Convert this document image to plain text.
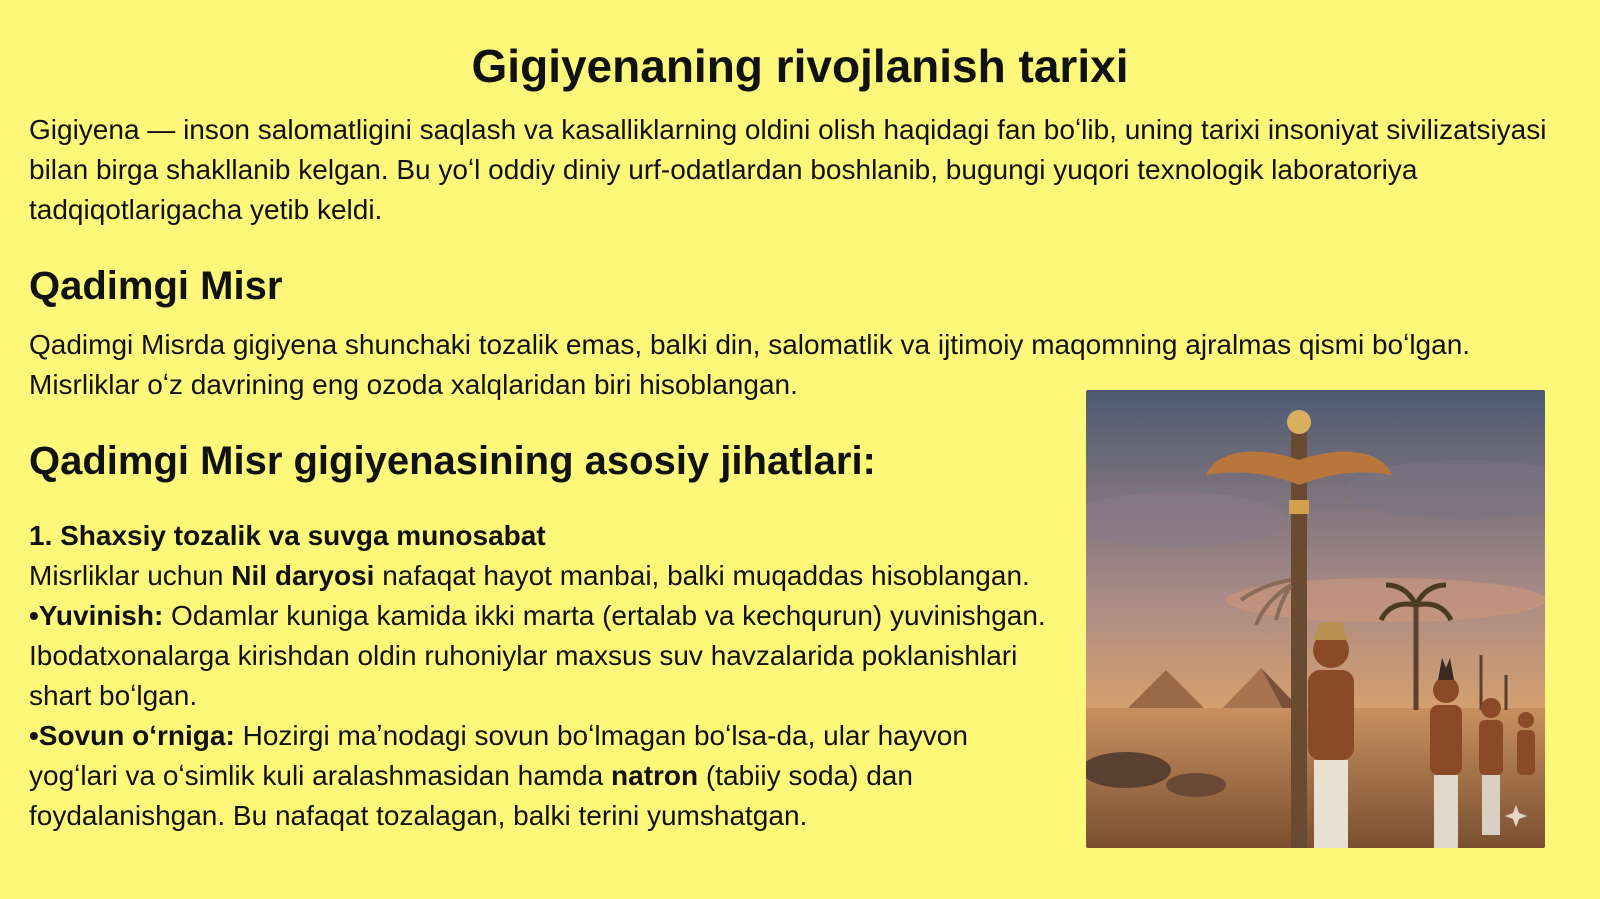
Gigiyenaning rivojlanish tarixi
Gigiyena — inson salomatligini saqlash va kasalliklarning oldini olish haqidagi fan boʻlib, uning tarixi insoniyat sivilizatsiyasi bilan birga shakllanib kelgan. Bu yoʻl oddiy diniy urf-odatlardan boshlanib, bugungi yuqori texnologik laboratoriya tadqiqotlarigacha yetib keldi.
Qadimgi Misr
Qadimgi Misrda gigiyena shunchaki tozalik emas, balki din, salomatlik va ijtimoiy maqomning ajralmas qismi boʻlgan. Misrliklar oʻz davrining eng ozoda xalqlaridan biri hisoblangan.
Qadimgi Misr gigiyenasining asosiy jihatlari:
1. Shaxsiy tozalik va suvga munosabat
Misrliklar uchun Nil daryosi nafaqat hayot manbai, balki muqaddas hisoblangan.
•Yuvinish: Odamlar kuniga kamida ikki marta (ertalab va kechqurun) yuvinishgan. Ibodatxonalarga kirishdan oldin ruhoniylar maxsus suv havzalarida poklanishlari shart boʻlgan.
•Sovun oʻrniga: Hozirgi maʼnodagi sovun boʻlmagan boʻlsa-da, ular hayvon yogʻlari va oʻsimlik kuli aralashmasidan hamda natron (tabiiy soda) dan foydalanishgan. Bu nafaqat tozalagan, balki terini yumshatgan.
